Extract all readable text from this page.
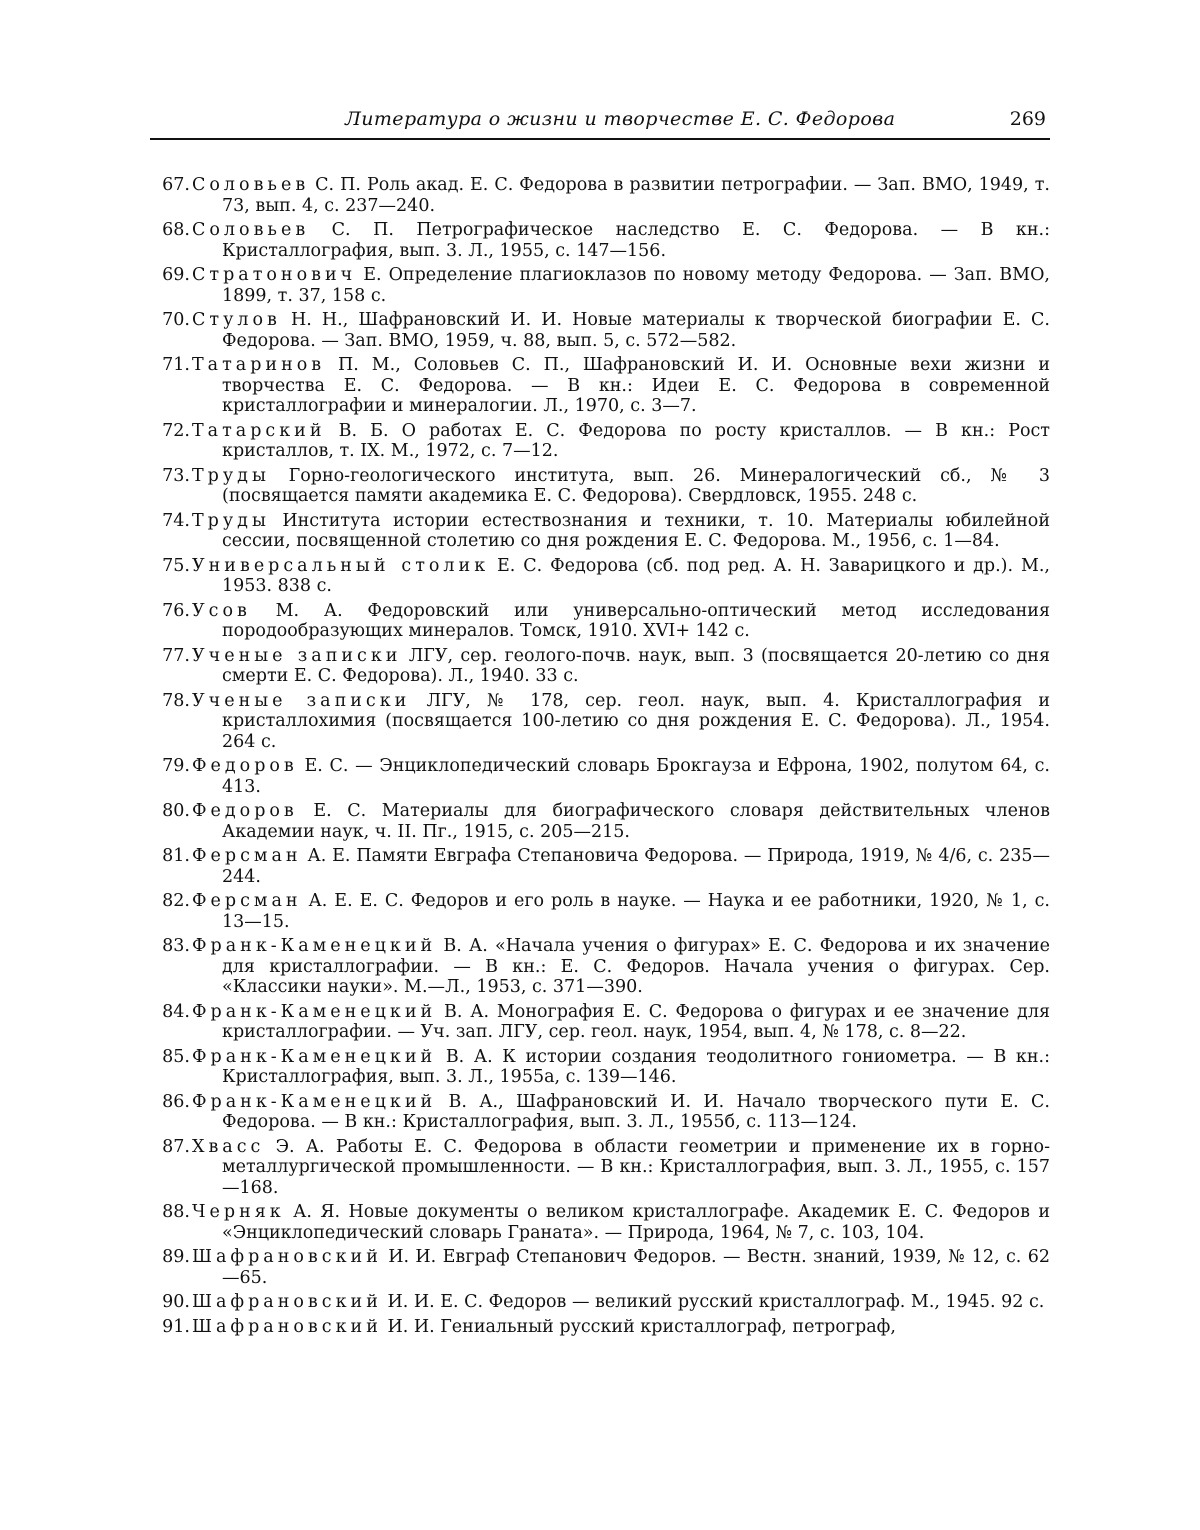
Литература о жизни и творчестве Е. С. Федорова	269
67 . Соловьев С. П. Роль акад. Е. С. Федорова в развитии петрографии. — Зап. ВМО, 1949, т. 73, вып. 4, с. 237—240.
68 . Соловьев С. П. Петрографическое наследство Е. С. Федорова. — В кн.: Кристаллография, вып. 3. Л., 1955, с. 147—156.
69 . Стратонович Е. Определение плагиоклазов по новому методу Федорова. — Зап. ВМО, 1899, т. 37, 158 с.
70 . Стулов Н. Н., Шафрановский И. И. Новые материалы к творческой биографии Е. С. Федорова. — Зап. ВМО, 1959, ч. 88, вып. 5, с. 572—582.
71 . Татаринов П. М., Соловьев С. П., Шафрановский И. И. Основные вехи жизни и творчества Е. С. Федорова. — В кн.: Идеи Е. С. Федорова в современной кристаллографии и минералогии. Л., 1970, с. 3—7.
72 . Татарский В. Б. О работах Е. С. Федорова по росту кристаллов. — В кн.: Рост кристаллов, т. IX. М., 1972, с. 7—12.
73 . Труды Горно-геологического института, вып. 26. Минералогический сб., № 3 (посвящается памяти академика Е. С. Федорова). Свердловск, 1955. 248 с.
74 . Труды Института истории естествознания и техники, т. 10. Материалы юбилейной сессии, посвященной столетию со дня рождения Е. С. Федорова. М., 1956, с. 1—84.
75 . Универсальный столик Е. С. Федорова (сб. под ред. А. Н. Заварицкого и др.). М., 1953. 838 с.
76 . Усов М. А. Федоровский или универсально-оптический метод исследования породообразующих минералов. Томск, 1910. XVI+ 142 с.
77 . Ученые записки ЛГУ, сер. геолого-почв. наук, вып. 3 (посвящается 20-летию со дня смерти Е. С. Федорова). Л., 1940. 33 с.
78 . Ученые записки ЛГУ, № 178, сер. геол. наук, вып. 4. Кристаллография и кристаллохимия (посвящается 100-летию со дня рождения Е. С. Федорова). Л., 1954. 264 с.
79 . Федоров Е. С. — Энциклопедический словарь Брокгауза и Ефрона, 1902, полутом 64, с. 413.
80 . Федоров Е. С. Материалы для биографического словаря действительных членов Академии наук, ч. II. Пг., 1915, с. 205—215.
81 . Ферсман А. Е. Памяти Евграфа Степановича Федорова. — Природа, 1919, № 4/6, с. 235—244.
82 . Ферсман А. Е. Е. С. Федоров и его роль в науке. — Наука и ее работники, 1920, № 1, с. 13—15.
83 . Франк-Каменецкий В. А. «Начала учения о фигурах» Е. С. Федорова и их значение для кристаллографии. — В кн.: Е. С. Федоров. Начала учения о фигурах. Сер. «Классики науки». М.—Л., 1953, с. 371—390.
84 . Франк-Каменецкий В. А. Монография Е. С. Федорова о фигурах и ее значение для кристаллографии. — Уч. зап. ЛГУ, сер. геол. наук, 1954, вып. 4, № 178, с. 8—22.
85 . Франк-Каменецкий В. А. К истории создания теодолитного гониометра. — В кн.: Кристаллография, вып. 3. Л., 1955а, с. 139—146.
86 . Франк-Каменецкий В. А., Шафрановский И. И. Начало творческого пути Е. С. Федорова. — В кн.: Кристаллография, вып. 3. Л., 1955б, с. 113—124.
87 . Хвасс Э. А. Работы Е. С. Федорова в области геометрии и применение их в горно-металлургической промышленности. — В кн.: Кристаллография, вып. 3. Л., 1955, с. 157—168.
88 . Черняк А. Я. Новые документы о великом кристаллографе. Академик Е. С. Федоров и «Энциклопедический словарь Граната». — Природа, 1964, № 7, с. 103, 104.
89 . Шафрановский И. И. Евграф Степанович Федоров. — Вестн. знаний, 1939, № 12, с. 62—65.
90 . Шафрановский И. И. Е. С. Федоров — великий русский кристаллограф. М., 1945. 92 с.
91 . Шафрановский И. И. Гениальный русский кристаллограф, петрограф,
